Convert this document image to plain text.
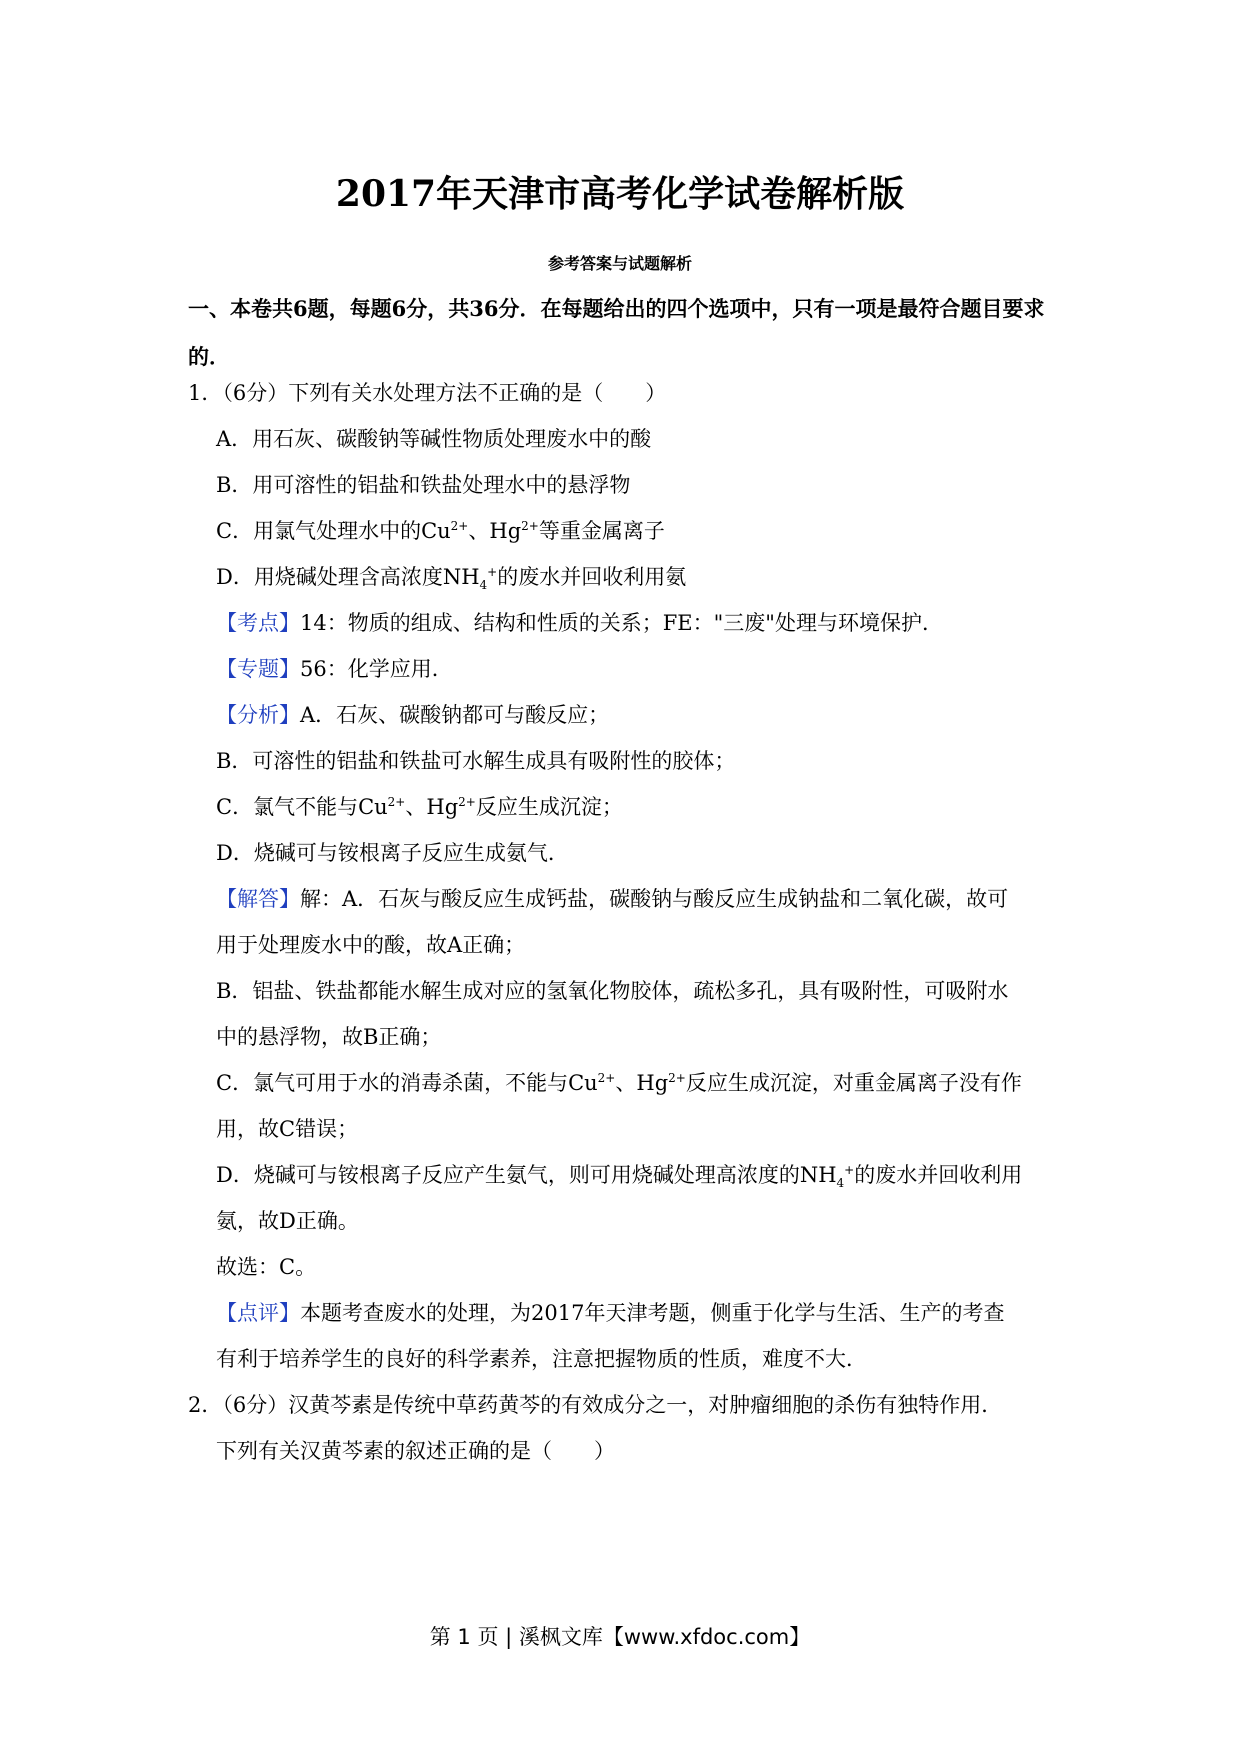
2017年天津市高考化学试卷解析版
参考答案与试题解析
一、本卷共6题，每题6分，共36分．在每题给出的四个选项中，只有一项是最符合题目要求的．
1．（6分）下列有关水处理方法不正确的是（　　）
A．用石灰、碳酸钠等碱性物质处理废水中的酸
B．用可溶性的铝盐和铁盐处理水中的悬浮物
C．用氯气处理水中的$Cu^{2+}$、$Hg^{2+}$等重金属离子
D．用烧碱处理含高浓度$NH_4^+$的废水并回收利用氨
【考点】14：物质的组成、结构和性质的关系；FE："三废"处理与环境保护．
【专题】56：化学应用．
【分析】A．石灰、碳酸钠都可与酸反应；
B．可溶性的铝盐和铁盐可水解生成具有吸附性的胶体；
C．氯气不能与$Cu^{2+}$、$Hg^{2+}$反应生成沉淀；
D．烧碱可与铵根离子反应生成氨气．
【解答】解：A．石灰与酸反应生成钙盐，碳酸钠与酸反应生成钠盐和二氧化碳，故可
用于处理废水中的酸，故A正确；
B．铝盐、铁盐都能水解生成对应的氢氧化物胶体，疏松多孔，具有吸附性，可吸附水
中的悬浮物，故B正确；
C．氯气可用于水的消毒杀菌，不能与$Cu^{2+}$、$Hg^{2+}$反应生成沉淀，对重金属离子没有作
用，故C错误；
D．烧碱可与铵根离子反应产生氨气，则可用烧碱处理高浓度的$NH_4^+$的废水并回收利用
氨，故D正确。
故选：C。
【点评】本题考查废水的处理，为2017年天津考题，侧重于化学与生活、生产的考查
有利于培养学生的良好的科学素养，注意把握物质的性质，难度不大．
2．（6分）汉黄芩素是传统中草药黄芩的有效成分之一，对肿瘤细胞的杀伤有独特作用．
下列有关汉黄芩素的叙述正确的是（　　）
第 1 页 | 溪枫文库【www.xfdoc.com】
